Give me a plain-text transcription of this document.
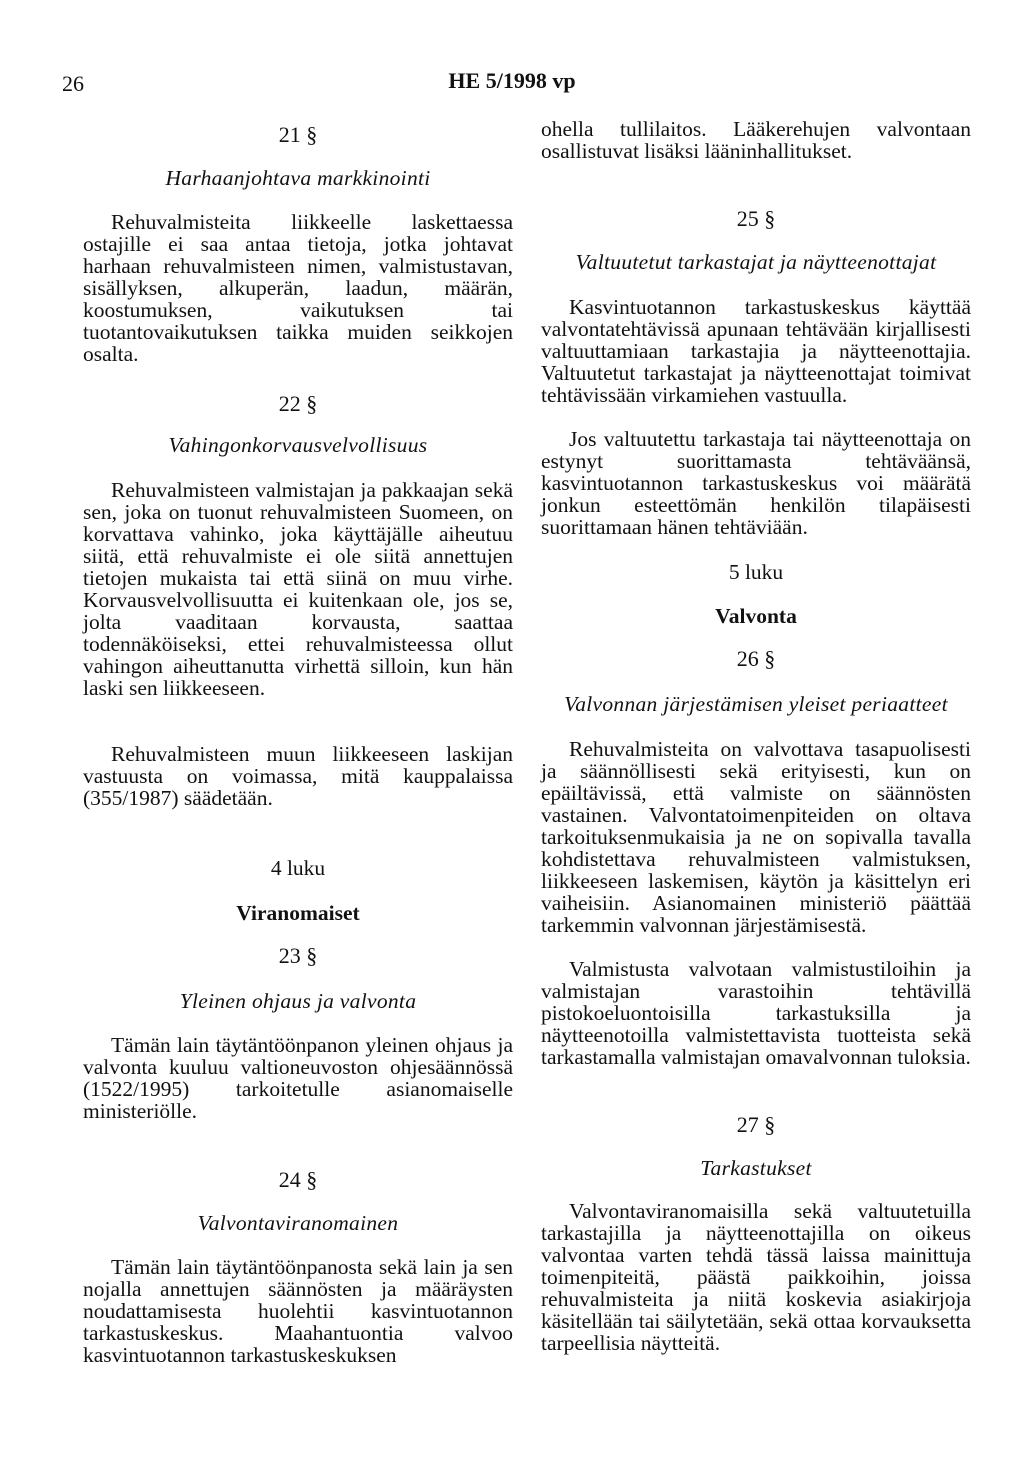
26	HE 5/1998 vp
21 §
Harhaanjohtava markkinointi
Rehuvalmisteita liikkeelle laskettaessa ostajille ei saa antaa tietoja, jotka johtavat harhaan rehuvalmisteen nimen, valmistustavan, sisällyksen, alkuperän, laadun, määrän, koostumuksen, vaikutuksen tai tuotantovaikutuksen taikka muiden seikkojen osalta.
22 §
Vahingonkorvausvelvollisuus
Rehuvalmisteen valmistajan ja pakkaajan sekä sen, joka on tuonut rehuvalmisteen Suomeen, on korvattava vahinko, joka käyttäjälle aiheutuu siitä, että rehuvalmiste ei ole siitä annettujen tietojen mukaista tai että siinä on muu virhe. Korvausvelvollisuutta ei kuitenkaan ole, jos se, jolta vaaditaan korvausta, saattaa todennäköiseksi, ettei rehuvalmisteessa ollut vahingon aiheuttanutta virhettä silloin, kun hän laski sen liikkeeseen.
Rehuvalmisteen muun liikkeeseen laskijan vastuusta on voimassa, mitä kauppalaissa (355/1987) säädetään.
4 luku
Viranomaiset
23 §
Yleinen ohjaus ja valvonta
Tämän lain täytäntöönpanon yleinen ohjaus ja valvonta kuuluu valtioneuvoston ohjesäännössä (1522/1995) tarkoitetulle asianomaiselle ministeriölle.
24 §
Valvontaviranomainen
Tämän lain täytäntöönpanosta sekä lain ja sen nojalla annettujen säännösten ja määräysten noudattamisesta huolehtii kasvintuotannon tarkastuskeskus. Maahantuontia valvoo kasvintuotannon tarkastuskeskuksen
ohella tullilaitos. Lääkerehujen valvontaan osallistuvat lisäksi lääninhallitukset.
25 §
Valtuutetut tarkastajat ja näytteenottajat
Kasvintuotannon tarkastuskeskus käyttää valvontatehtävissä apunaan tehtävään kirjallisesti valtuuttamiaan tarkastajia ja näytteenottajia. Valtuutetut tarkastajat ja näytteenottajat toimivat tehtävissään virkamiehen vastuulla.
Jos valtuutettu tarkastaja tai näytteenottaja on estynyt suorittamasta tehtäväänsä, kasvintuotannon tarkastuskeskus voi määrätä jonkun esteettömän henkilön tilapäisesti suorittamaan hänen tehtäviään.
5 luku
Valvonta
26 §
Valvonnan järjestämisen yleiset periaatteet
Rehuvalmisteita on valvottava tasapuolisesti ja säännöllisesti sekä erityisesti, kun on epäiltävissä, että valmiste on säännösten vastainen. Valvontatoimenpiteiden on oltava tarkoituksenmukaisia ja ne on sopivalla tavalla kohdistettava rehuvalmisteen valmistuksen, liikkeeseen laskemisen, käytön ja käsittelyn eri vaiheisiin. Asianomainen ministeriö päättää tarkemmin valvonnan järjestämisestä.
Valmistusta valvotaan valmistustiloihin ja valmistajan varastoihin tehtävillä pistokoeluontoisilla tarkastuksilla ja näytteenotoilla valmistettavista tuotteista sekä tarkastamalla valmistajan omavalvonnan tuloksia.
27 §
Tarkastukset
Valvontaviranomaisilla sekä valtuutetuilla tarkastajilla ja näytteenottajilla on oikeus valvontaa varten tehdä tässä laissa mainittuja toimenpiteitä, päästä paikkoihin, joissa rehuvalmisteita ja niitä koskevia asiakirjoja käsitellään tai säilytetään, sekä ottaa korvauksetta tarpeellisia näytteitä.
